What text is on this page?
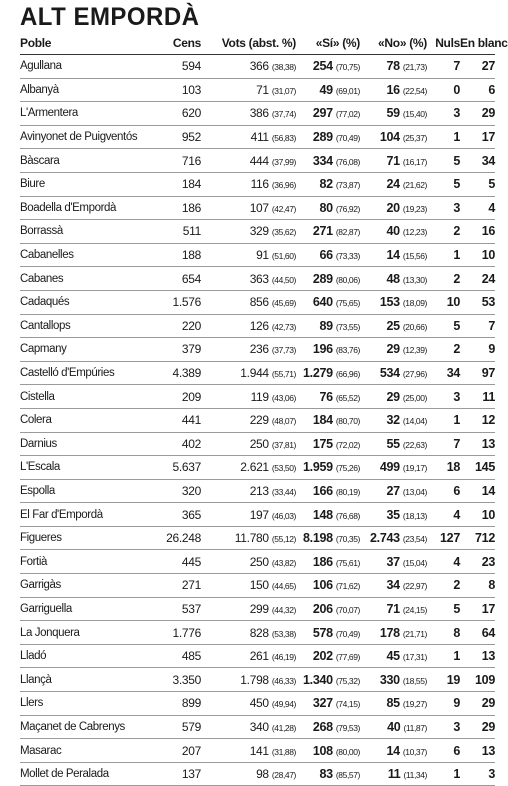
ALT EMPORDÀ
Poble	Cens	Vots (abst. %)	«Sí» (%)	«No» (%)	Nuls	En blanc
Agullana	594	366 (38,38)	254 (70,75)	78 (21,73)	7	27
Albanyà	103	71 (31,07)	49 (69,01)	16 (22,54)	0	6
L'Armentera	620	386 (37,74)	297 (77,02)	59 (15,40)	3	29
Avinyonet de Puigventós	952	411 (56,83)	289 (70,49)	104 (25,37)	1	17
Bàscara	716	444 (37,99)	334 (76,08)	71 (16,17)	5	34
Biure	184	116 (36,96)	82 (73,87)	24 (21,62)	5	5
Boadella d'Empordà	186	107 (42,47)	80 (76,92)	20 (19,23)	3	4
Borrassà	511	329 (35,62)	271 (82,87)	40 (12,23)	2	16
Cabanelles	188	91 (51,60)	66 (73,33)	14 (15,56)	1	10
Cabanes	654	363 (44,50)	289 (80,06)	48 (13,30)	2	24
Cadaqués	1.576	856 (45,69)	640 (75,65)	153 (18,09)	10	53
Cantallops	220	126 (42,73)	89 (73,55)	25 (20,66)	5	7
Capmany	379	236 (37,73)	196 (83,76)	29 (12,39)	2	9
Castelló d'Empúries	4.389	1.944 (55,71)	1.279 (66,96)	534 (27,96)	34	97
Cistella	209	119 (43,06)	76 (65,52)	29 (25,00)	3	11
Colera	441	229 (48,07)	184 (80,70)	32 (14,04)	1	12
Darnius	402	250 (37,81)	175 (72,02)	55 (22,63)	7	13
L'Escala	5.637	2.621 (53,50)	1.959 (75,26)	499 (19,17)	18	145
Espolla	320	213 (33,44)	166 (80,19)	27 (13,04)	6	14
El Far d'Empordà	365	197 (46,03)	148 (76,68)	35 (18,13)	4	10
Figueres	26.248	11.780 (55,12)	8.198 (70,35)	2.743 (23,54)	127	712
Fortià	445	250 (43,82)	186 (75,61)	37 (15,04)	4	23
Garrigàs	271	150 (44,65)	106 (71,62)	34 (22,97)	2	8
Garriguella	537	299 (44,32)	206 (70,07)	71 (24,15)	5	17
La Jonquera	1.776	828 (53,38)	578 (70,49)	178 (21,71)	8	64
Lladó	485	261 (46,19)	202 (77,69)	45 (17,31)	1	13
Llançà	3.350	1.798 (46,33)	1.340 (75,32)	330 (18,55)	19	109
Llers	899	450 (49,94)	327 (74,15)	85 (19,27)	9	29
Maçanet de Cabrenys	579	340 (41,28)	268 (79,53)	40 (11,87)	3	29
Masarac	207	141 (31,88)	108 (80,00)	14 (10,37)	6	13
Mollet de Peralada	137	98 (28,47)	83 (85,57)	11 (11,34)	1	3
